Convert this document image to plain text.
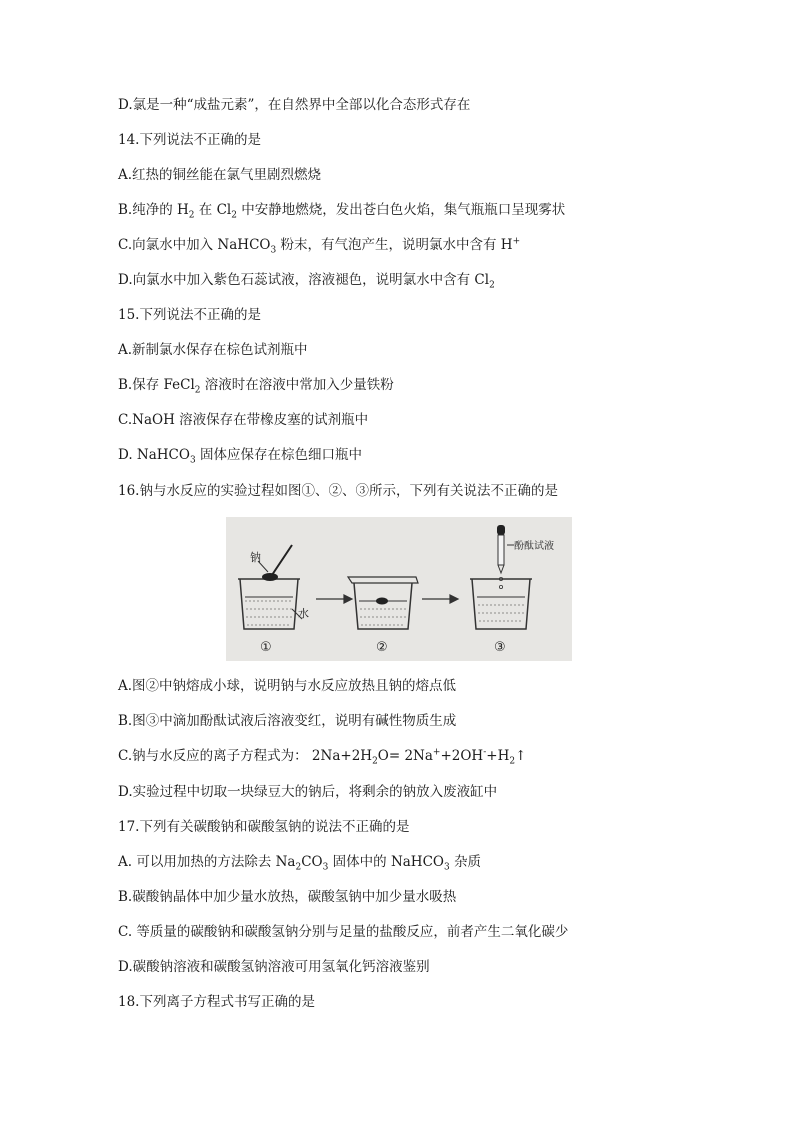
D.氯是一种“成盐元素”，在自然界中全部以化合态形式存在
14.下列说法不正确的是
A.红热的铜丝能在氯气里剧烈燃烧
B.纯净的 $H_2$ 在 $Cl_2$ 中安静地燃烧，发出苍白色火焰，集气瓶瓶口呈现雾状
C.向氯水中加入 NaHCO$_3$ 粉末，有气泡产生，说明氯水中含有 H+
D.向氯水中加入紫色石蕊试液，溶液褪色，说明氯水中含有 $Cl_2$
15.下列说法不正确的是
A.新制氯水保存在棕色试剂瓶中
B.保存 FeCl$_2$ 溶液时在溶液中常加入少量铁粉
C.NaOH 溶液保存在带橡皮塞的试剂瓶中
D. NaHCO$_3$ 固体应保存在棕色细口瓶中
16.钠与水反应的实验过程如图①、②、③所示，下列有关说法不正确的是
钠
水
①	②
酚酞试液
③
A.图②中钠熔成小球，说明钠与水反应放热且钠的熔点低
B.图③中滴加酚酞试液后溶液变红，说明有碱性物质生成
C.钠与水反应的离子方程式为： $2Na+2H_2O=$ $2Na^++2OH^-+H_2↑$
D.实验过程中切取一块绿豆大的钠后，将剩余的钠放入废液缸中
17.下列有关碳酸钠和碳酸氢钠的说法不正确的是
A. 可以用加热的方法除去 $Na_2CO_3$ 固体中的 NaHCO$_3$ 杂质
B.碳酸钠晶体中加少量水放热，碳酸氢钠中加少量水吸热
C. 等质量的碳酸钠和碳酸氢钠分别与足量的盐酸反应，前者产生二氧化碳少
D.碳酸钠溶液和碳酸氢钠溶液可用氢氧化钙溶液鉴别
18.下列离子方程式书写正确的是
